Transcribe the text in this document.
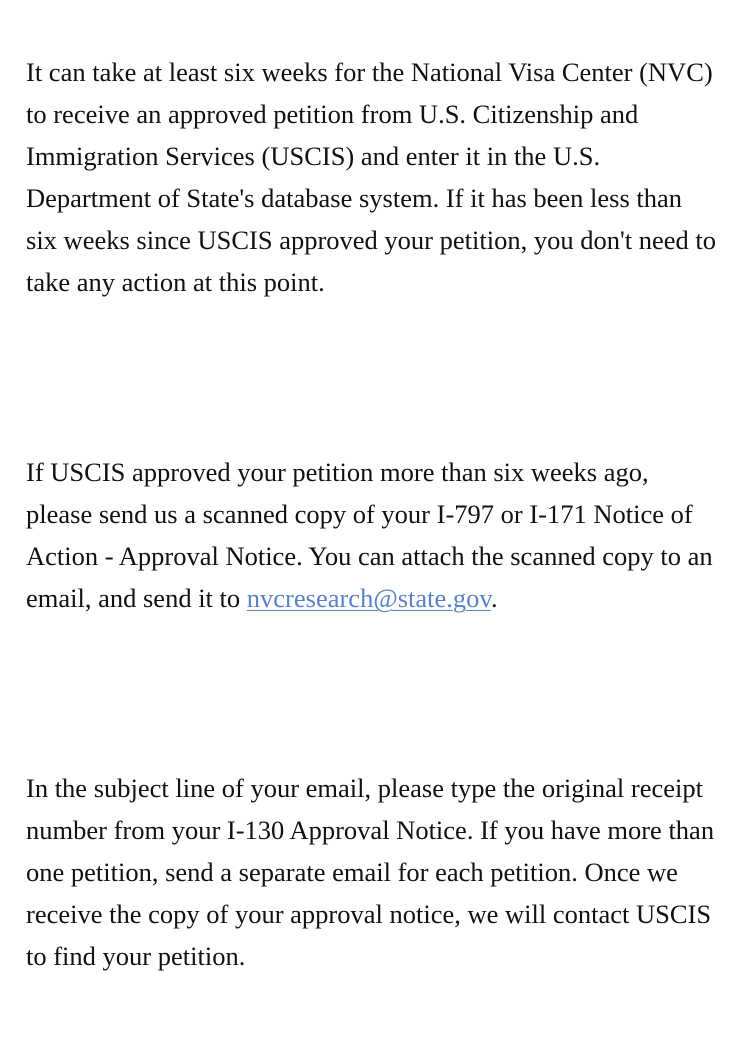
It can take at least six weeks for the National Visa Center (NVC) to receive an approved petition from U.S. Citizenship and Immigration Services (USCIS) and enter it in the U.S. Department of State's database system. If it has been less than six weeks since USCIS approved your petition, you don't need to take any action at this point.

If USCIS approved your petition more than six weeks ago, please send us a scanned copy of your I-797 or I-171 Notice of Action - Approval Notice. You can attach the scanned copy to an email, and send it to nvcresearch@state.gov.

In the subject line of your email, please type the original receipt number from your I-130 Approval Notice. If you have more than one petition, send a separate email for each petition. Once we receive the copy of your approval notice, we will contact USCIS to find your petition.
